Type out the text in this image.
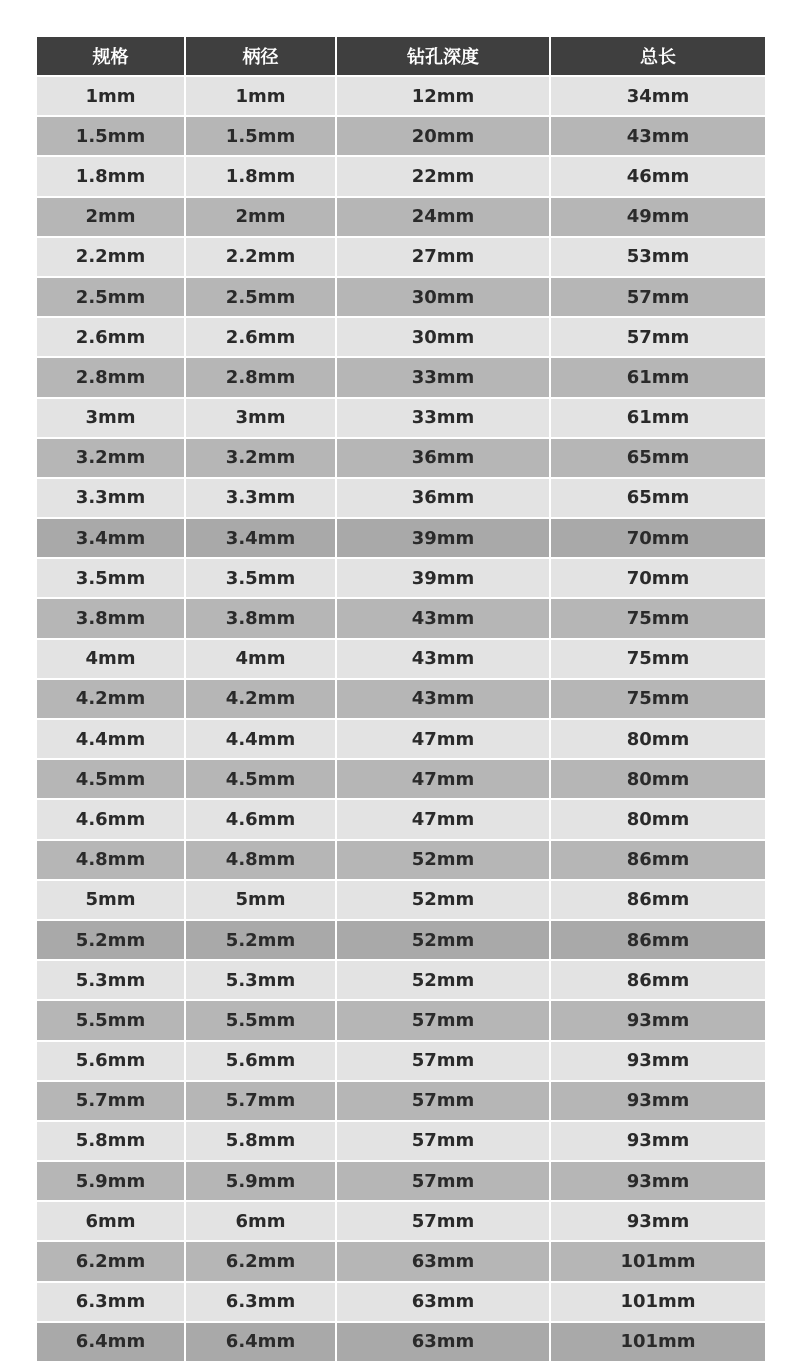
规格	柄径	钻孔深度	总长
1mm	1mm	12mm	34mm
1.5mm	1.5mm	20mm	43mm
1.8mm	1.8mm	22mm	46mm
2mm	2mm	24mm	49mm
2.2mm	2.2mm	27mm	53mm
2.5mm	2.5mm	30mm	57mm
2.6mm	2.6mm	30mm	57mm
2.8mm	2.8mm	33mm	61mm
3mm	3mm	33mm	61mm
3.2mm	3.2mm	36mm	65mm
3.3mm	3.3mm	36mm	65mm
3.4mm	3.4mm	39mm	70mm
3.5mm	3.5mm	39mm	70mm
3.8mm	3.8mm	43mm	75mm
4mm	4mm	43mm	75mm
4.2mm	4.2mm	43mm	75mm
4.4mm	4.4mm	47mm	80mm
4.5mm	4.5mm	47mm	80mm
4.6mm	4.6mm	47mm	80mm
4.8mm	4.8mm	52mm	86mm
5mm	5mm	52mm	86mm
5.2mm	5.2mm	52mm	86mm
5.3mm	5.3mm	52mm	86mm
5.5mm	5.5mm	57mm	93mm
5.6mm	5.6mm	57mm	93mm
5.7mm	5.7mm	57mm	93mm
5.8mm	5.8mm	57mm	93mm
5.9mm	5.9mm	57mm	93mm
6mm	6mm	57mm	93mm
6.2mm	6.2mm	63mm	101mm
6.3mm	6.3mm	63mm	101mm
6.4mm	6.4mm	63mm	101mm
